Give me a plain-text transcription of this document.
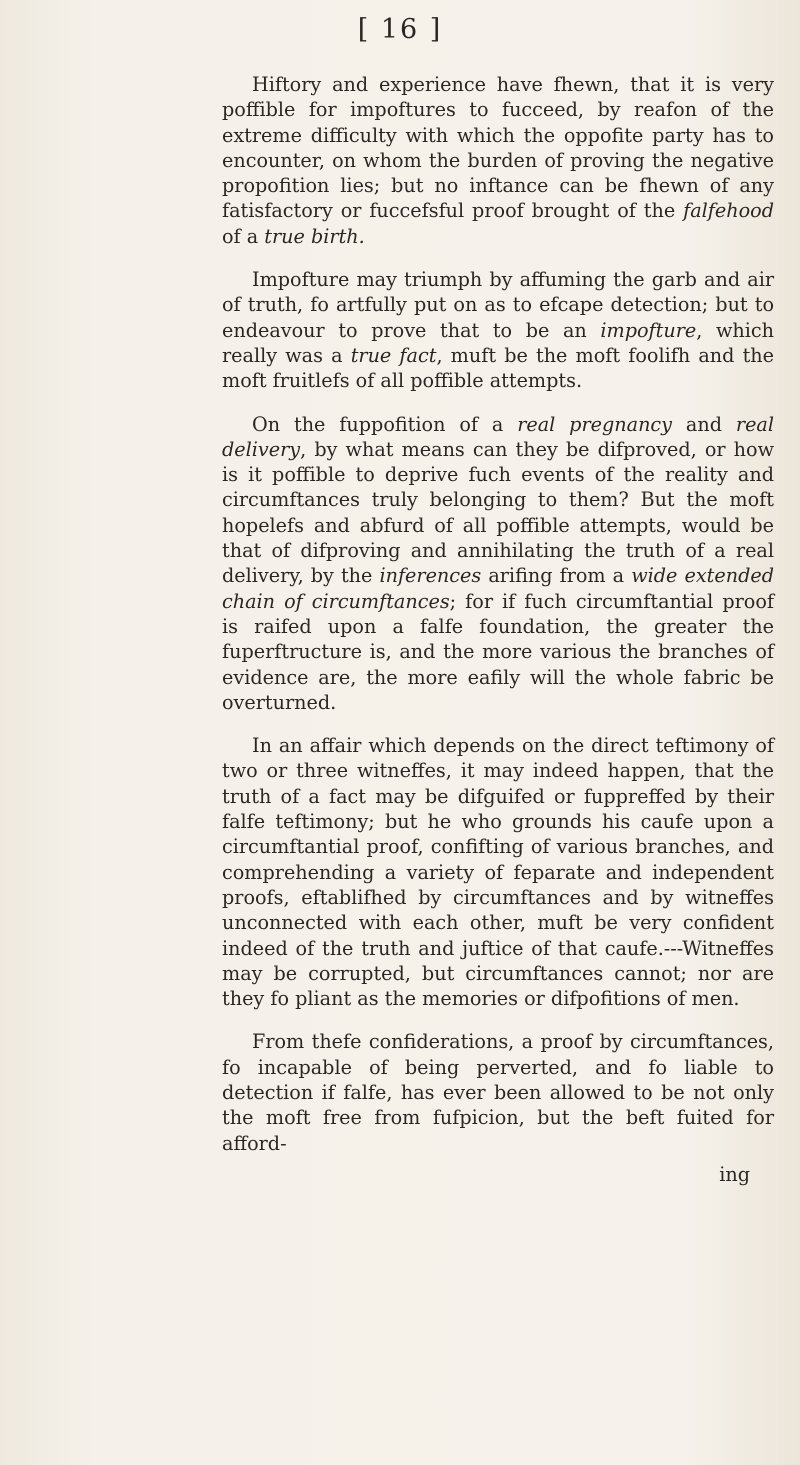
[ 16 ]

Hiftory and experience have fhewn, that it is very poffible for impoftures to fucceed, by reafon of the extreme difficulty with which the oppofite party has to encounter, on whom the burden of proving the negative propofition lies; but no inftance can be fhewn of any fatisfactory or fuccefsful proof brought of the falfehood of a true birth.

Impofture may triumph by affuming the garb and air of truth, fo artfully put on as to efcape detection; but to endeavour to prove that to be an impofture, which really was a true fact, muft be the moft foolifh and the moft fruitlefs of all poffible attempts.

On the fuppofition of a real pregnancy and real delivery, by what means can they be difproved, or how is it poffible to deprive fuch events of the reality and circumftances truly belonging to them? But the moft hopelefs and abfurd of all poffible attempts, would be that of difproving and annihilating the truth of a real delivery, by the inferences arifing from a wide extended chain of circumftances; for if fuch circumftantial proof is raifed upon a falfe foundation, the greater the fuperftructure is, and the more various the branches of evidence are, the more eafily will the whole fabric be overturned.

In an affair which depends on the direct teftimony of two or three witneffes, it may indeed happen, that the truth of a fact may be difguifed or fuppreffed by their falfe teftimony; but he who grounds his caufe upon a circumftantial proof, confifting of various branches, and comprehending a variety of feparate and independent proofs, eftablifhed by circumftances and by witneffes unconnected with each other, muft be very confident indeed of the truth and juftice of that caufe.---Witneffes may be corrupted, but circumftances cannot; nor are they fo pliant as the memories or difpofitions of men.

From thefe confiderations, a proof by circumftances, fo incapable of being perverted, and fo liable to detection if falfe, has ever been allowed to be not only the moft free from fufpicion, but the beft fuited for afford-

ing
